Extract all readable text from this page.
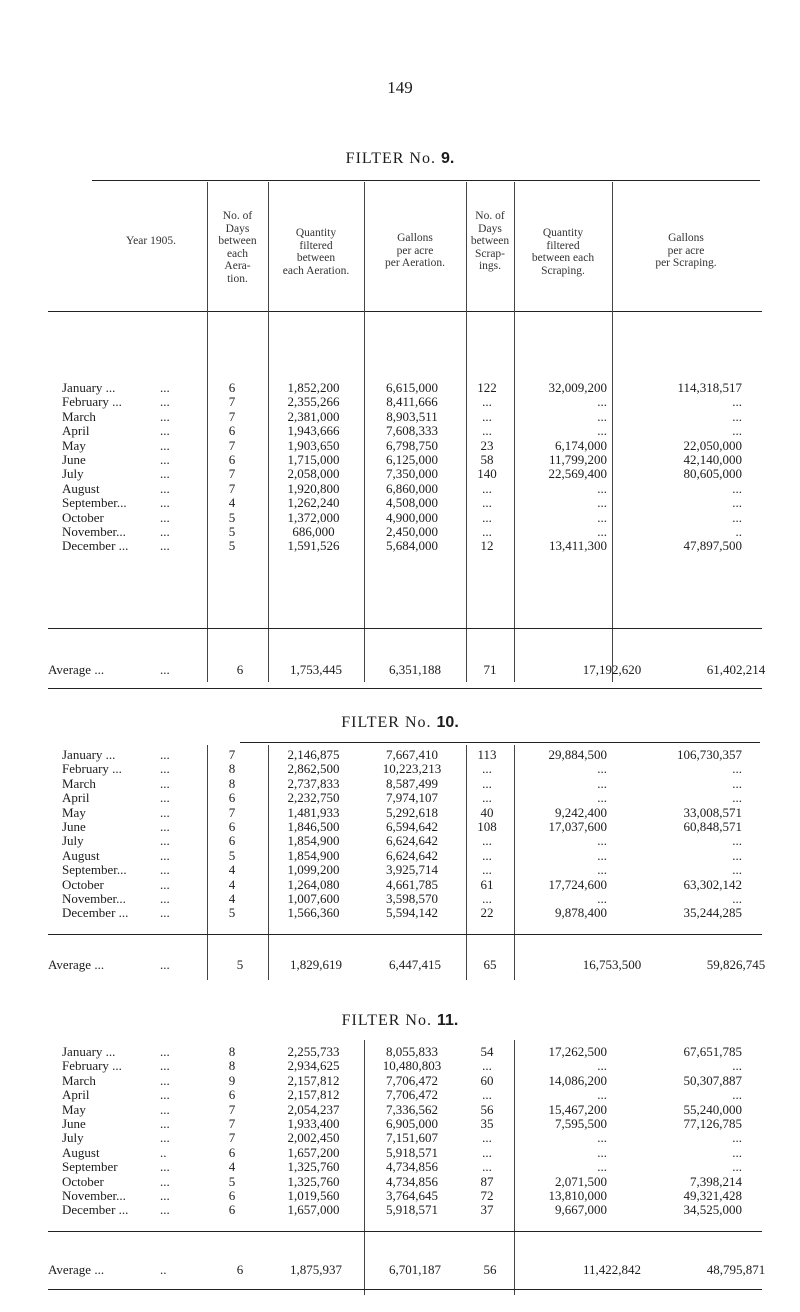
149
FILTER No. 9.
Year 1905.
No. of
Days
between
each
Aera-
tion.
Quantity
filtered
between
each Aeration.
Gallons
per acre
per Aeration.
No. of
Days
between
Scrap-
ings.
Quantity
filtered
between each
Scraping.
Gallons
per acre
per Scraping.
January ... ...	6	1,852,200	6,615,000	122	32,009,200	114,318,517
February ... ...	7	2,355,266	8,411,666	...	...	...
March ...	7	2,381,000	8,903,511	...	...	...
April ...	6	1,943,666	7,608,333	...	...	...
May ...	7	1,903,650	6,798,750	23	6,174,000	22,050,000
June ...	6	1,715,000	6,125,000	58	11,799,200	42,140,000
July ...	7	2,058,000	7,350,000	140	22,569,400	80,605,000
August ...	7	1,920,800	6,860,000	...	...	...
September... ...	4	1,262,240	4,508,000	...	...	...
October ...	5	1,372,000	4,900,000	...	...	...
November... ...	5	686,000	2,450,000	...	...	..
December ... ...	5	1,591,526	5,684,000	12	13,411,300	47,897,500
Average ...	...	6	1,753,445	6,351,188	71	17,192,620	61,402,214
FILTER No. 10.
January ... ...	7	2,146,875	7,667,410	113	29,884,500	106,730,357
February ... ...	8	2,862,500	10,223,213	...	...	...
March ...	8	2,737,833	8,587,499	...	...	...
April ...	6	2,232,750	7,974,107	...	...	...
May ...	7	1,481,933	5,292,618	40	9,242,400	33,008,571
June ...	6	1,846,500	6,594,642	108	17,037,600	60,848,571
July ...	6	1,854,900	6,624,642	...	...	...
August ...	5	1,854,900	6,624,642	...	...	...
September... ...	4	1,099,200	3,925,714	...	...	...
October ...	4	1,264,080	4,661,785	61	17,724,600	63,302,142
November... ...	4	1,007,600	3,598,570	...	...	...
December ... ...	5	1,566,360	5,594,142	22	9,878,400	35,244,285
Average ...	...	5	1,829,619	6,447,415	65	16,753,500	59,826,745
FILTER No. 11.
January ... ...	8	2,255,733	8,055,833	54	17,262,500	67,651,785
February ... ...	8	2,934,625	10,480,803	...	...	...
March ...	9	2,157,812	7,706,472	60	14,086,200	50,307,887
April ...	6	2,157,812	7,706,472	...	...	...
May ...	7	2,054,237	7,336,562	56	15,467,200	55,240,000
June ...	7	1,933,400	6,905,000	35	7,595,500	77,126,785
July ...	7	2,002,450	7,151,607	...	...	...
August ..	6	1,657,200	5,918,571	...	...	...
September ...	4	1,325,760	4,734,856	...	...	...
October ...	5	1,325,760	4,734,856	87	2,071,500	7,398,214
November... ...	6	1,019,560	3,764,645	72	13,810,000	49,321,428
December ... ...	6	1,657,000	5,918,571	37	9,667,000	34,525,000
Average ...	..	6	1,875,937	6,701,187	56	11,422,842	48,795,871
